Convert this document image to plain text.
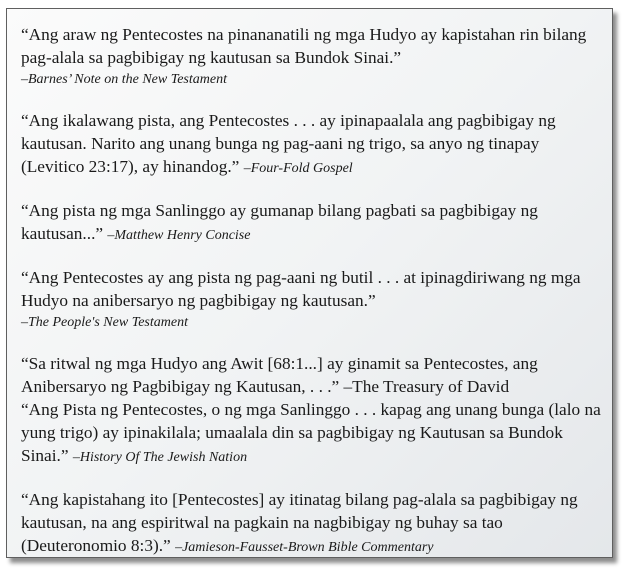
“Ang araw ng Pentecostes na pinananatili ng mga Hudyo ay kapistahan rin bilang pag-alala sa pagbibigay ng kautusan sa Bundok Sinai.”

–Barnes’ Note on the New Testament

“Ang ikalawang pista, ang Pentecostes . . . ay ipinapaalala ang pagbibigay ng kautusan. Narito ang unang bunga ng pag-aani ng trigo, sa anyo ng tinapay (Levitico 23:17), ay hinandog.” –Four-Fold Gospel

“Ang pista ng mga Sanlinggo ay gumanap bilang pagbati sa pagbibigay ng kautusan...” –Matthew Henry Concise

“Ang Pentecostes ay ang pista ng pag-aani ng butil . . . at ipinagdiriwang ng mga Hudyo na anibersaryo ng pagbibigay ng kautusan.”

–The People's New Testament

“Sa ritwal ng mga Hudyo ang Awit [68:1...] ay ginamit sa Pentecostes, ang Anibersaryo ng Pagbibigay ng Kautusan, . . .” –The Treasury of David

“Ang Pista ng Pentecostes, o ng mga Sanlinggo . . . kapag ang unang bunga (lalo na yung trigo) ay ipinakilala; umaalala din sa pagbibigay ng Kautusan sa Bundok Sinai.” –History Of The Jewish Nation

“Ang kapistahang ito [Pentecostes] ay itinatag bilang pag-alala sa pagbibigay ng kautusan, na ang espiritwal na pagkain na nagbibigay ng buhay sa tao (Deuteronomio 8:3).” –Jamieson-Fausset-Brown Bible Commentary
